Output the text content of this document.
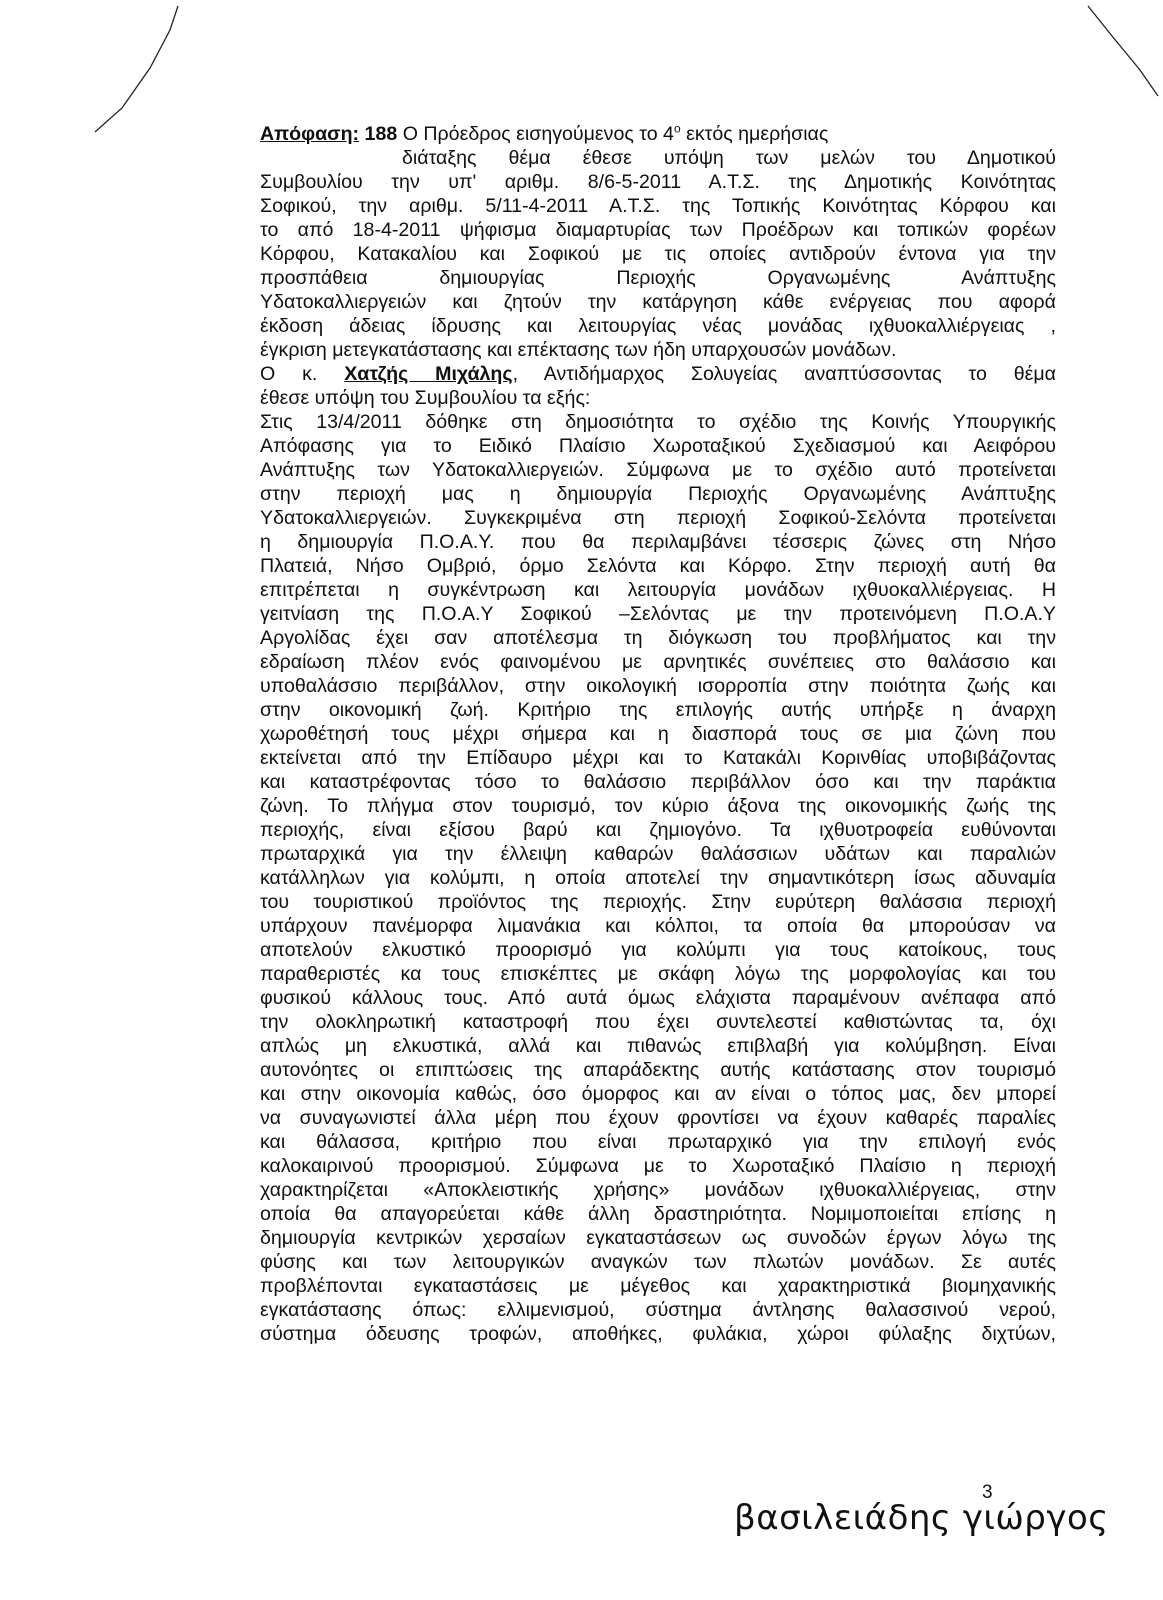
Απόφαση: 188 Ο Πρόεδρος εισηγούμενος το $4^o$ εκτός ημερήσιας
διάταξης θέμα έθεσε υπόψη των μελών του Δημοτικού
Συμβουλίου την υπ' αριθμ. 8/6-5-2011 Α.Τ.Σ. της Δημοτικής Κοινότητας
Σοφικού, την αριθμ. 5/11-4-2011 Α.Τ.Σ. της Τοπικής Κοινότητας Κόρφου και
το από 18-4-2011 ψήφισμα διαμαρτυρίας των Προέδρων και τοπικών φορέων
Κόρφου, Κατακαλίου και Σοφικού με τις οποίες αντιδρούν έντονα για την
προσπάθεια δημιουργίας Περιοχής Οργανωμένης Ανάπτυξης
Υδατοκαλλιεργειών και ζητούν την κατάργηση κάθε ενέργειας που αφορά
έκδοση άδειας ίδρυσης και λειτουργίας νέας μονάδας ιχθυοκαλλιέργειας ,
έγκριση μετεγκατάστασης και επέκτασης των ήδη υπαρχουσών μονάδων.
Ο κ. Χατζής Μιχάλης, Αντιδήμαρχος Σολυγείας αναπτύσσοντας το θέμα
έθεσε υπόψη του Συμβουλίου τα εξής:
Στις 13/4/2011 δόθηκε στη δημοσιότητα το σχέδιο της Κοινής Υπουργικής
Απόφασης για το Ειδικό Πλαίσιο Χωροταξικού Σχεδιασμού και Αειφόρου
Ανάπτυξης των Υδατοκαλλιεργειών. Σύμφωνα με το σχέδιο αυτό προτείνεται
στην περιοχή μας η δημιουργία Περιοχής Οργανωμένης Ανάπτυξης
Υδατοκαλλιεργειών. Συγκεκριμένα στη περιοχή Σοφικού-Σελόντα προτείνεται
η δημιουργία Π.Ο.Α.Υ. που θα περιλαμβάνει τέσσερις ζώνες στη Νήσο
Πλατειά, Νήσο Ομβριό, όρμο Σελόντα και Κόρφο. Στην περιοχή αυτή θα
επιτρέπεται η συγκέντρωση και λειτουργία μονάδων ιχθυοκαλλιέργειας. Η
γειτνίαση της Π.Ο.Α.Υ Σοφικού –Σελόντας με την προτεινόμενη Π.Ο.Α.Υ
Αργολίδας έχει σαν αποτέλεσμα τη διόγκωση του προβλήματος και την
εδραίωση πλέον ενός φαινομένου με αρνητικές συνέπειες στο θαλάσσιο και
υποθαλάσσιο περιβάλλον, στην οικολογική ισορροπία στην ποιότητα ζωής και
στην οικονομική ζωή. Κριτήριο της επιλογής αυτής υπήρξε η άναρχη
χωροθέτησή τους μέχρι σήμερα και η διασπορά τους σε μια ζώνη που
εκτείνεται από την Επίδαυρο μέχρι και το Κατακάλι Κορινθίας υποβιβάζοντας
και καταστρέφοντας τόσο το θαλάσσιο περιβάλλον όσο και την παράκτια
ζώνη. Το πλήγμα στον τουρισμό, τον κύριο άξονα της οικονομικής ζωής της
περιοχής, είναι εξίσου βαρύ και ζημιογόνο. Τα ιχθυοτροφεία ευθύνονται
πρωταρχικά για την έλλειψη καθαρών θαλάσσιων υδάτων και παραλιών
κατάλληλων για κολύμπι, η οποία αποτελεί την σημαντικότερη ίσως αδυναμία
του τουριστικού προϊόντος της περιοχής. Στην ευρύτερη θαλάσσια περιοχή
υπάρχουν πανέμορφα λιμανάκια και κόλποι, τα οποία θα μπορούσαν να
αποτελούν ελκυστικό προορισμό για κολύμπι για τους κατοίκους, τους
παραθεριστές κα τους επισκέπτες με σκάφη λόγω της μορφολογίας και του
φυσικού κάλλους τους. Από αυτά όμως ελάχιστα παραμένουν ανέπαφα από
την ολοκληρωτική καταστροφή που έχει συντελεστεί καθιστώντας τα, όχι
απλώς μη ελκυστικά, αλλά και πιθανώς επιβλαβή για κολύμβηση. Είναι
αυτονόητες οι επιπτώσεις της απαράδεκτης αυτής κατάστασης στον τουρισμό
και στην οικονομία καθώς, όσο όμορφος και αν είναι ο τόπος μας, δεν μπορεί
να συναγωνιστεί άλλα μέρη που έχουν φροντίσει να έχουν καθαρές παραλίες
και θάλασσα, κριτήριο που είναι πρωταρχικό για την επιλογή ενός
καλοκαιρινού προορισμού. Σύμφωνα με το Χωροταξικό Πλαίσιο η περιοχή
χαρακτηρίζεται «Αποκλειστικής χρήσης» μονάδων ιχθυοκαλλιέργειας, στην
οποία θα απαγορεύεται κάθε άλλη δραστηριότητα. Νομιμοποιείται επίσης η
δημιουργία κεντρικών χερσαίων εγκαταστάσεων ως συνοδών έργων λόγω της
φύσης και των λειτουργικών αναγκών των πλωτών μονάδων. Σε αυτές
προβλέπονται εγκαταστάσεις με μέγεθος και χαρακτηριστικά βιομηχανικής
εγκατάστασης όπως: ελλιμενισμού, σύστημα άντλησης θαλασσινού νερού,
σύστημα όδευσης τροφών, αποθήκες, φυλάκια, χώροι φύλαξης διχτύων,
3
βασιλειάδης γιώργος
